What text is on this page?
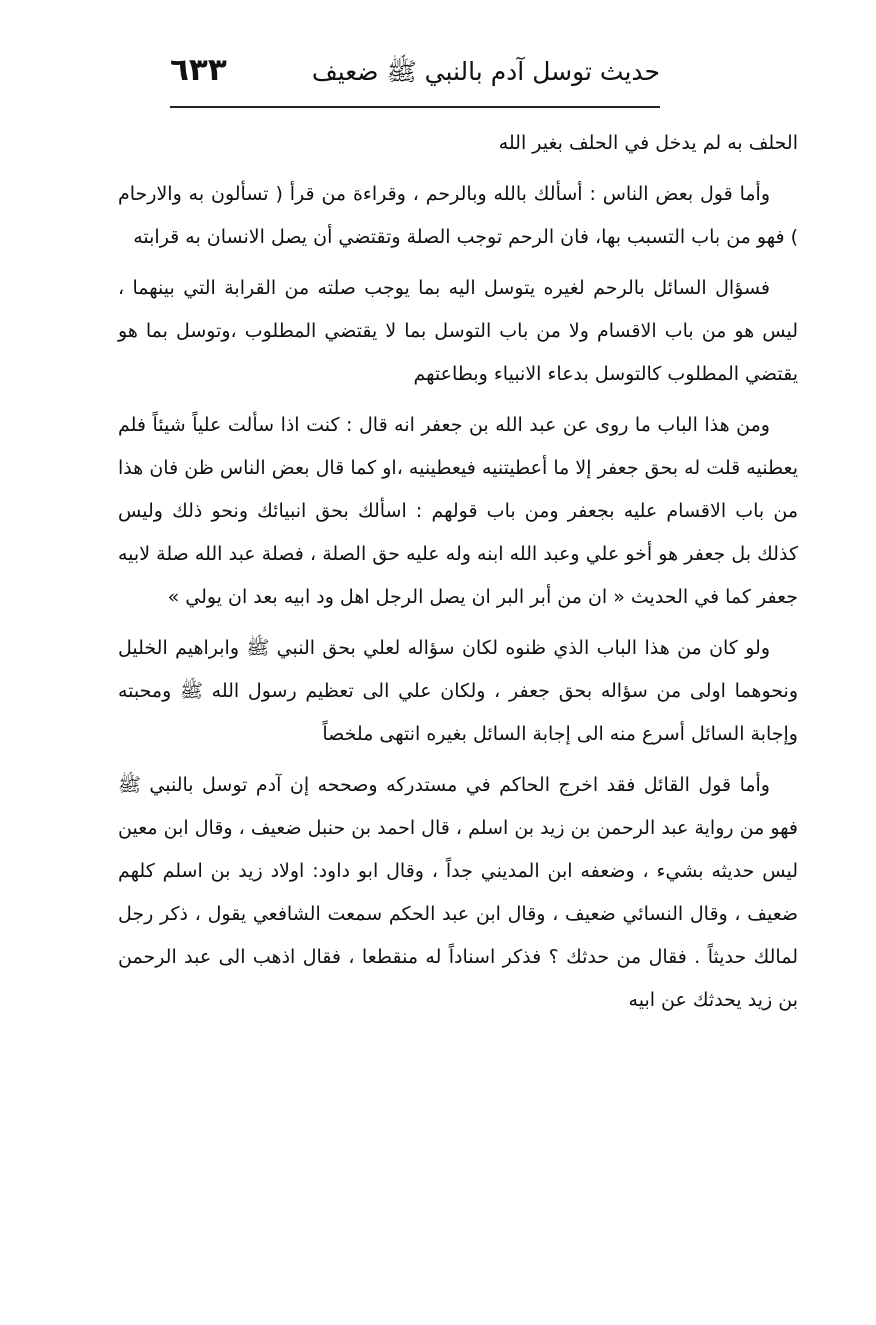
حديث توسل آدم بالنبي ﷺ ضعيف
٦٣٣

الحلف به لم يدخل في الحلف بغير الله

وأما قول بعض الناس : أسألك بالله وبالرحم ، وقراءة من قرأ ( تسألون به والارحام ) فهو من باب التسبب بها، فان الرحم توجب الصلة وتقتضي أن يصل الانسان به قرابته

فسؤال السائل بالرحم لغيره يتوسل اليه بما يوجب صلته من القرابة التي بينهما ، ليس هو من باب الاقسام ولا من باب التوسل بما لا يقتضي المطلوب ،وتوسل بما هو يقتضي المطلوب كالتوسل بدعاء الانبياء وبطاعتهم

ومن هذا الباب ما روى عن عبد الله بن جعفر انه قال : كنت اذا سألت علياً شيئاً فلم يعطنيه قلت له بحق جعفر إلا ما أعطيتنيه فيعطينيه ،او كما قال بعض الناس ظن فان هذا من باب الاقسام عليه بجعفر ومن باب قولهم : اسألك بحق انبيائك ونحو ذلك وليس كذلك بل جعفر هو أخو علي وعبد الله ابنه وله عليه حق الصلة ، فصلة عبد الله صلة لابيه جعفر كما في الحديث « ان من أبر البر ان يصل الرجل اهل ود ابيه بعد ان يولي »

ولو كان من هذا الباب الذي ظنوه لكان سؤاله لعلي بحق النبي ﷺ وابراهيم الخليل ونحوهما اولى من سؤاله بحق جعفر ، ولكان علي الى تعظيم رسول الله ﷺ ومحبته وإجابة السائل أسرع منه الى إجابة السائل بغيره انتهى ملخصاً

وأما قول القائل فقد اخرج الحاكم في مستدركه وصححه إن آدم توسل بالنبي ﷺ فهو من رواية عبد الرحمن بن زيد بن اسلم ، قال احمد بن حنبل ضعيف ، وقال ابن معين ليس حديثه بشيء ، وضعفه ابن المديني جداً ، وقال ابو داود: اولاد زيد بن اسلم كلهم ضعيف ، وقال النسائي ضعيف ، وقال ابن عبد الحكم سمعت الشافعي يقول ، ذكر رجل لمالك حديثاً . فقال من حدثك ؟ فذكر اسناداً له منقطعا ، فقال اذهب الى عبد الرحمن بن زيد يحدثك عن ابيه
